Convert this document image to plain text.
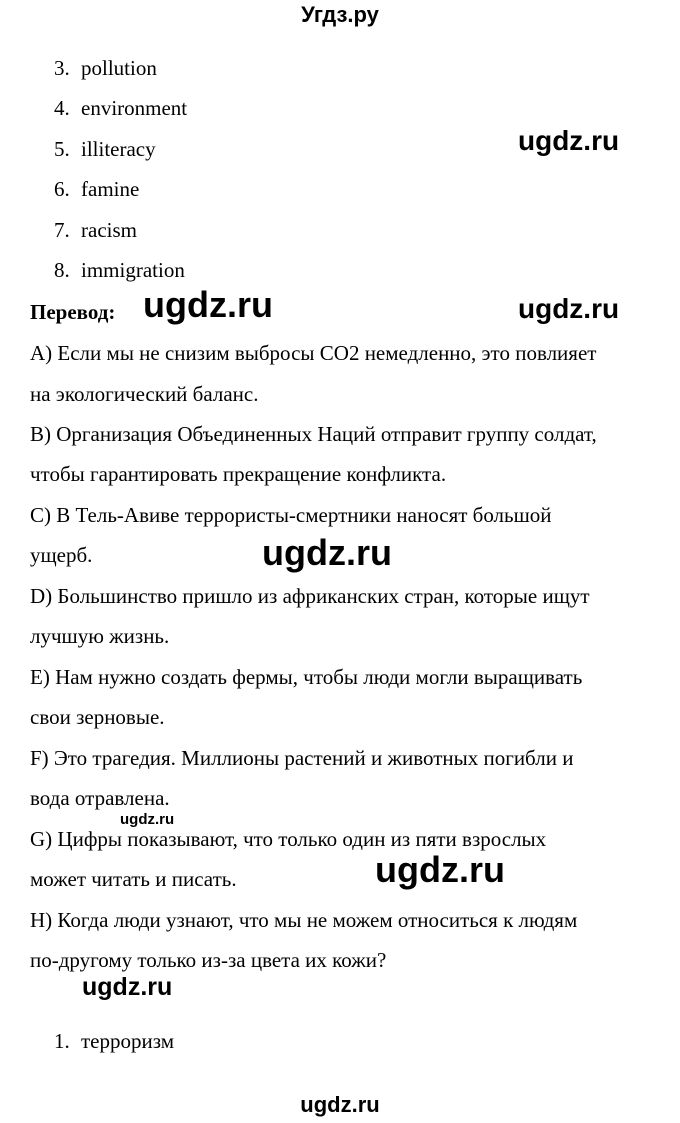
Угдз.ру
3. pollution
4. environment
5. illiteracy
6. famine
7. racism
8. immigration
Перевод:
A) Если мы не снизим выбросы CO2 немедленно, это повлияет
на экологический баланс.
B) Организация Объединенных Наций отправит группу солдат,
чтобы гарантировать прекращение конфликта.
C) В Тель-Авиве террористы-смертники наносят большой
ущерб.
D) Большинство пришло из африканских стран, которые ищут
лучшую жизнь.
E) Нам нужно создать фермы, чтобы люди могли выращивать
свои зерновые.
F) Это трагедия. Миллионы растений и животных погибли и
вода отравлена.
G) Цифры показывают, что только один из пяти взрослых
может читать и писать.
H) Когда люди узнают, что мы не можем относиться к людям
по-другому только из-за цвета их кожи?
1. терроризм
ugdz.ru
ugdz.ru	ugdz.ru
ugdz.ru
ugdz.ru
ugdz.ru
ugdz.ru
ugdz.ru
